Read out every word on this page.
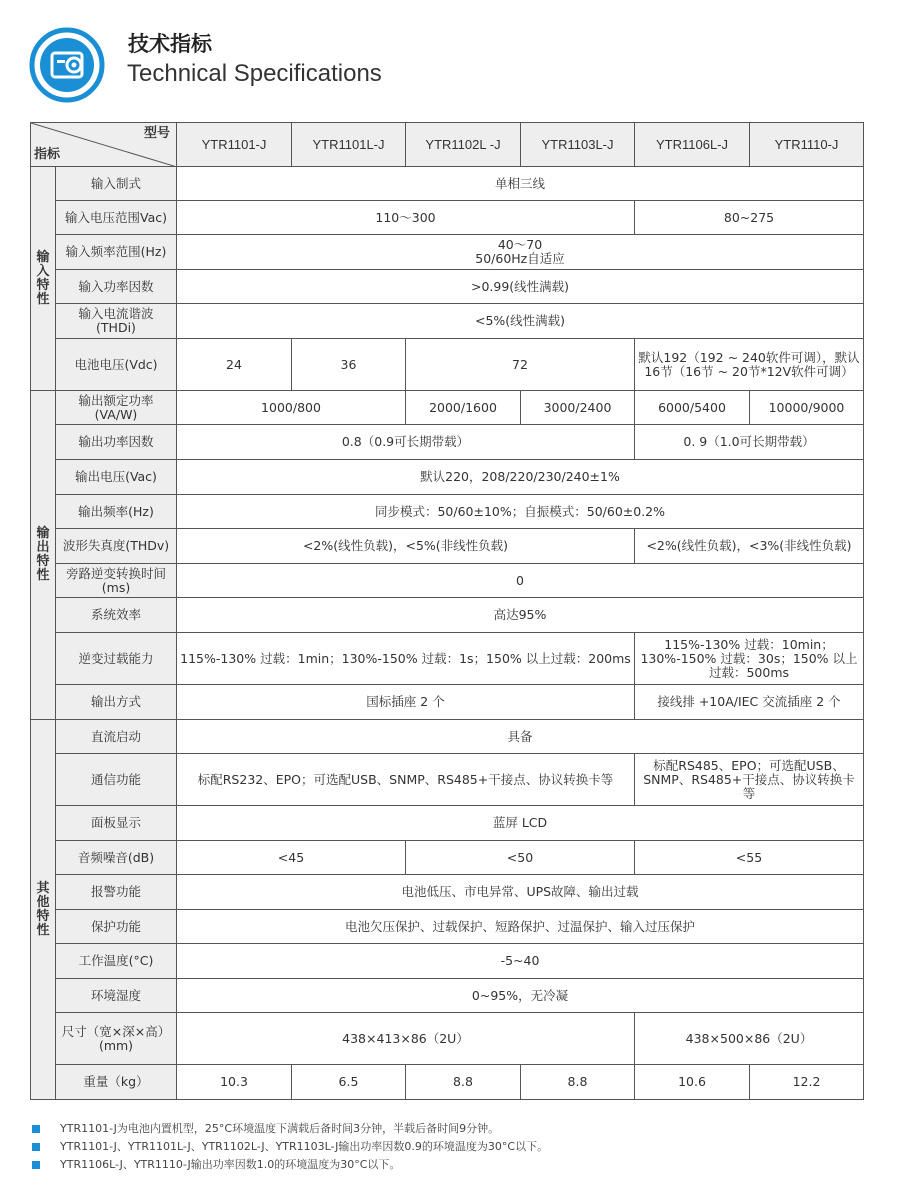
技术指标
Technical Specifications
型号
指标		YTR1101-J	YTR1101L-J	YTR1102L -J	YTR1103L-J	YTR1106L-J	YTR1110-J

输
入
特
性	输入制式	单相三线					
	输入电压范围Vac)	110～300				80~275	
	输入频率范围(Hz)	40～70
50/60Hz自适应					

	输入功率因数	>0.99(线性满载)					
	输入电流谐波(THDi)	<5%(线性满载)					
	电池电压(Vdc)	24	36	72		默认192（192 ~ 240软件可调），默认16节（16节 ~ 20节*12V软件可调）	

输
出
特
性	输出额定功率(VA/W)	1000/800		2000/1600	3000/2400	6000/5400	10000/9000
	输出功率因数	0.8（0.9可长期带载）				0. 9（1.0可长期带载）	
	输出电压(Vac)	默认220，208/220/230/240±1%					
	输出频率(Hz)	同步模式：50/60±10%；自振模式：50/60±0.2%					
	波形失真度(THDv)	<2%(线性负载)，<5%(非线性负载)				<2%(线性负载)，<3%(非线性负载)	
	旁路逆变转换时间(ms)	0					
	系统效率	高达95%					
	逆变过载能力	115%-130% 过载：1min；130%-150% 过载：1s；150% 以上过载：200ms				115%-130% 过载：10min；130%-150% 过载：30s；150% 以上过载：500ms	
	输出方式	国标插座 2 个				接线排 +10A/IEC 交流插座 2 个	

其
他
特
性	直流启动	具备					
	通信功能	标配RS232、EPO；可选配USB、SNMP、RS485+干接点、协议转换卡等				标配RS485、EPO；可选配USB、SNMP、RS485+干接点、协议转换卡等	
	面板显示	蓝屏 LCD					
	音频噪音(dB)	<45		<50		<55	
	报警功能	电池低压、市电异常、UPS故障、输出过载					
	保护功能	电池欠压保护、过载保护、短路保护、过温保护、输入过压保护					
	工作温度(°C)	-5~40					
	环境湿度	0~95%，无冷凝					
	尺寸（宽×深×高）(mm)	438×413×86（2U）				438×500×86（2U）	
	重量（kg）	10.3	6.5	8.8	8.8	10.6	12.2
YTR1101-J为电池内置机型，25°C环境温度下满载后备时间3分钟，半载后备时间9分钟。
YTR1101-J、YTR1101L-J、YTR1102L-J、YTR1103L-J输出功率因数0.9的环境温度为30°C以下。
YTR1106L-J、YTR1110-J输出功率因数1.0的环境温度为30°C以下。
